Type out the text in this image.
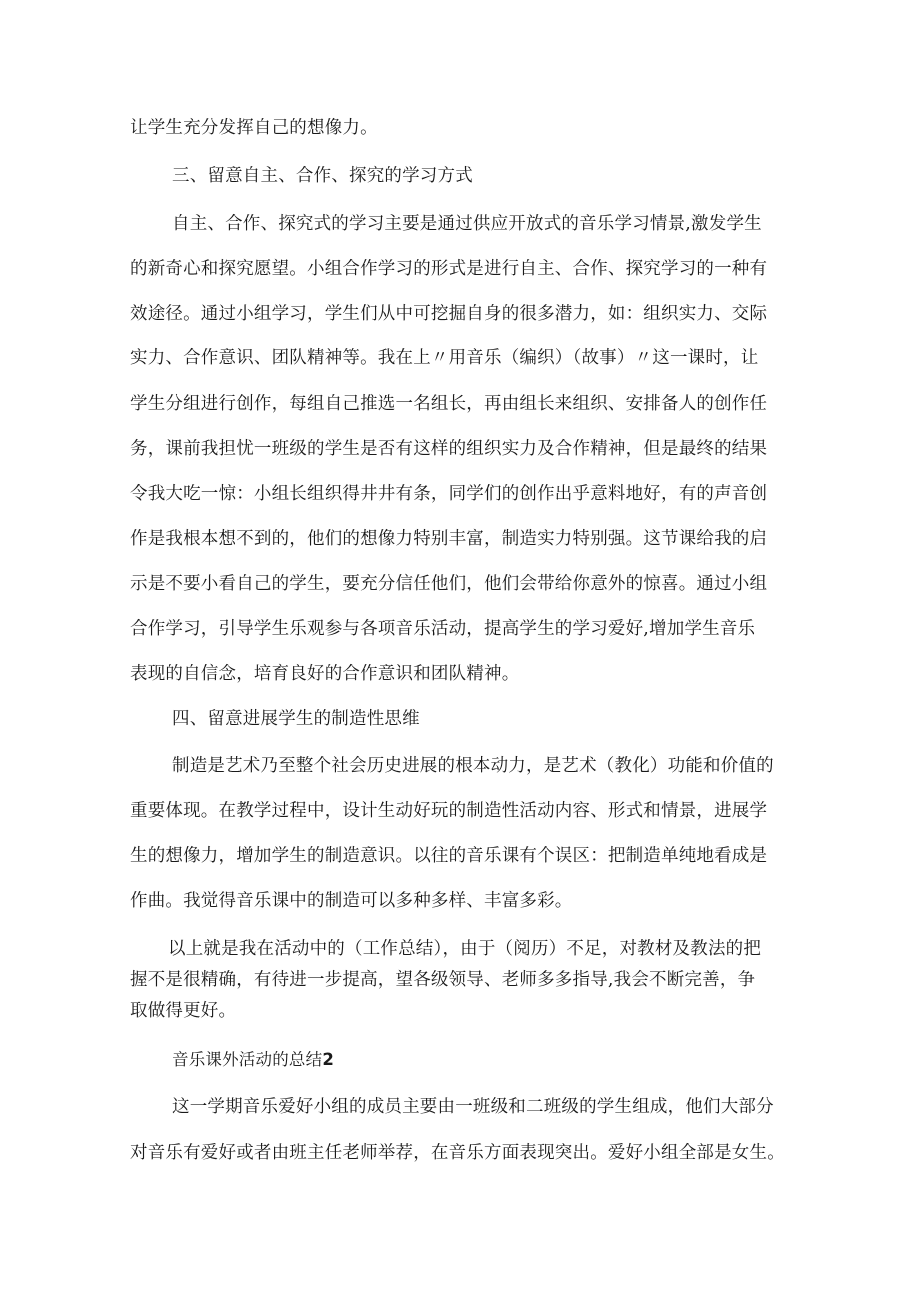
让学生充分发挥自己的想像力。

三、留意自主、合作、探究的学习方式

自主、合作、探究式的学习主要是通过供应开放式的音乐学习情景,激发学生

的新奇心和探究愿望。小组合作学习的形式是进行自主、合作、探究学习的一种有

效途径。通过小组学习，学生们从中可挖掘自身的很多潜力，如：组织实力、交际

实力、合作意识、团队精神等。我在上〃用音乐（编织）（故事）〃这一课时，让

学生分组进行创作，每组自己推选一名组长，再由组长来组织、安排备人的创作任

务，课前我担忧一班级的学生是否有这样的组织实力及合作精神，但是最终的结果

令我大吃一惊：小组长组织得井井有条，同学们的创作出乎意料地好，有的声音创

作是我根本想不到的，他们的想像力特别丰富，制造实力特别强。这节课给我的启

示是不要小看自己的学生，要充分信任他们，他们会带给你意外的惊喜。通过小组

合作学习，引导学生乐观参与各项音乐活动，提高学生的学习爱好,增加学生音乐

表现的自信念，培育良好的合作意识和团队精神。

四、留意进展学生的制造性思维

制造是艺术乃至整个社会历史进展的根本动力，是艺术（教化）功能和价值的

重要体现。在教学过程中，设计生动好玩的制造性活动内容、形式和情景，进展学

生的想像力，增加学生的制造意识。以往的音乐课有个误区：把制造单纯地看成是

作曲。我觉得音乐课中的制造可以多种多样、丰富多彩。

以上就是我在活动中的（工作总结），由于（阅历）不足，对教材及教法的把

握不是很精确，有待进一步提高，望各级领导、老师多多指导,我会不断完善，争

取做得更好。

音乐课外活动的总结2

这一学期音乐爱好小组的成员主要由一班级和二班级的学生组成，他们大部分

对音乐有爱好或者由班主任老师举荐，在音乐方面表现突出。爱好小组全部是女生。
